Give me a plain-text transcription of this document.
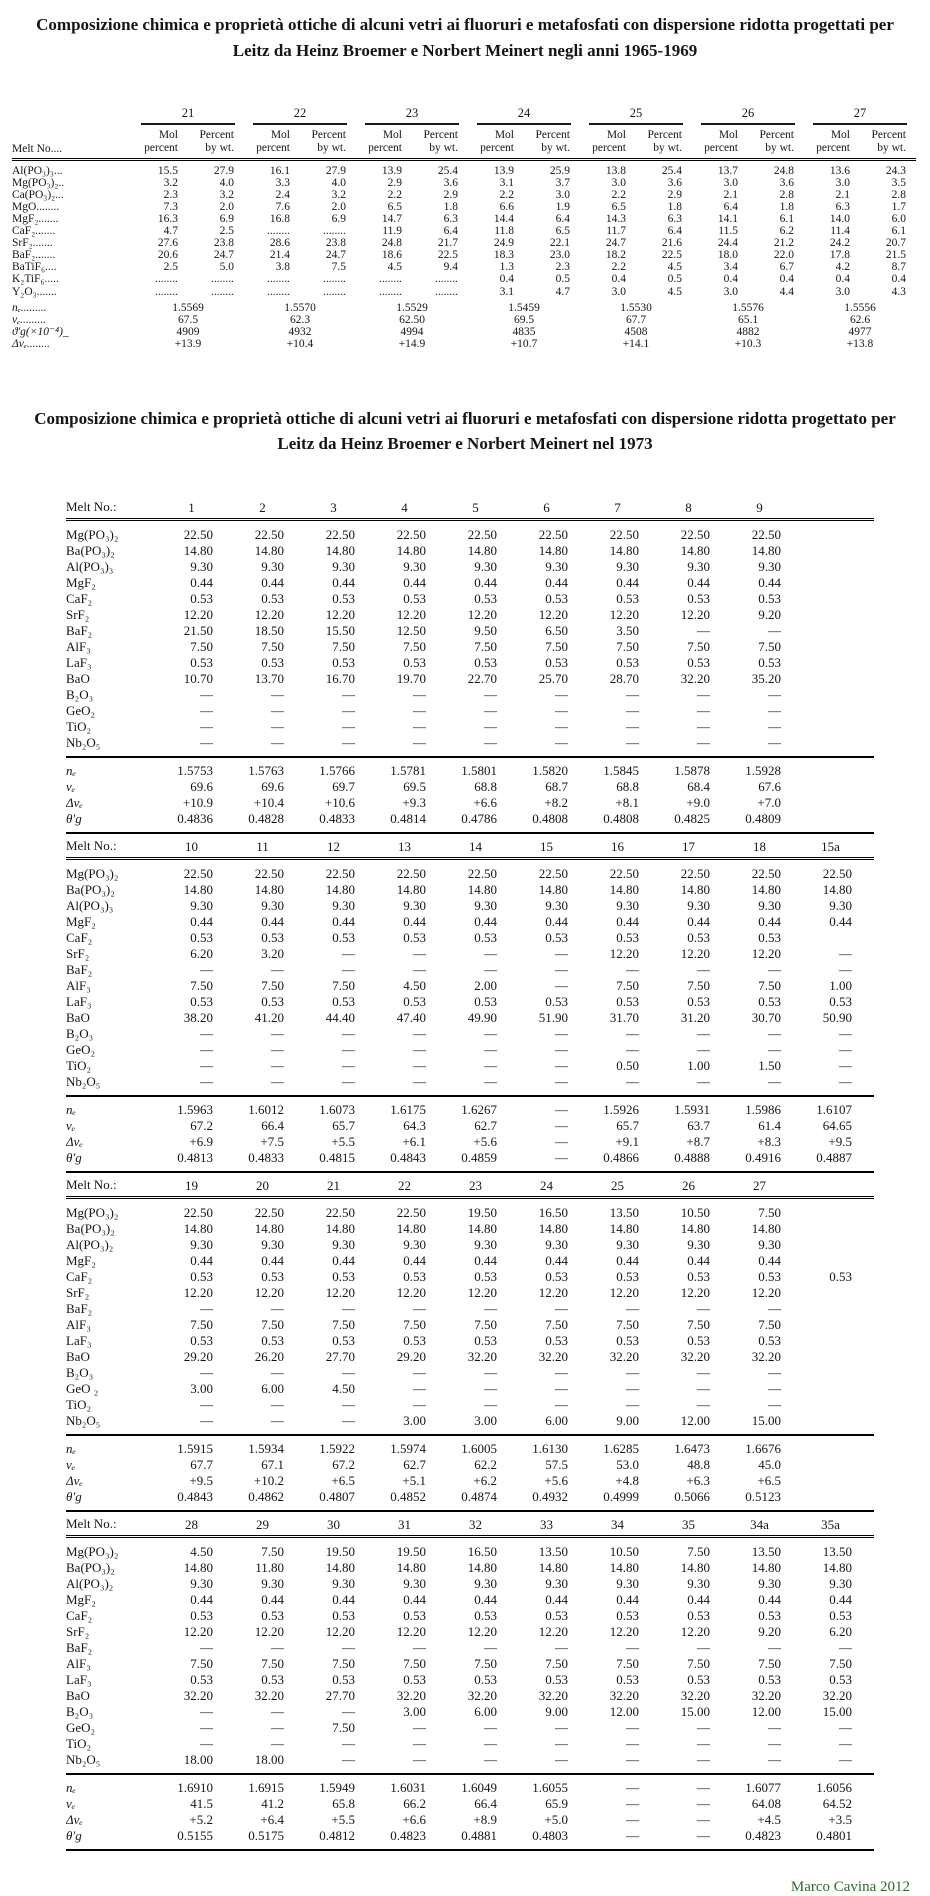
Composizione chimica e proprietà ottiche di alcuni vetri ai fluoruri e metafosfati con dispersione ridotta progettati per Leitz da Heinz Broemer e Norbert Meinert negli anni 1965-1969

	21		22		23		24		25		26		27	

Melt No....	Mol percent	Percent by wt.	Mol percent	Percent by wt.	Mol percent	Percent by wt.	Mol percent	Percent by wt.	Mol percent	Percent by wt.	Mol percent	Percent by wt.	Mol percent	Percent by wt.
Al(PO₃)₃...	15.5	27.9	16.1	27.9	13.9	25.4	13.9	25.9	13.8	25.4	13.7	24.8	13.6	24.3
Mg(PO₃)₂..	3.2	4.0	3.3	4.0	2.9	3.6	3.1	3.7	3.0	3.6	3.0	3.6	3.0	3.5
Ca(PO₃)₂...	2.3	3.2	2.4	3.2	2.2	2.9	2.2	3.0	2.2	2.9	2.1	2.8	2.1	2.8
MgO........	7.3	2.0	7.6	2.0	6.5	1.8	6.6	1.9	6.5	1.8	6.4	1.8	6.3	1.7
MgF₂.......	16.3	6.9	16.8	6.9	14.7	6.3	14.4	6.4	14.3	6.3	14.1	6.1	14.0	6.0
CaF₂.......	4.7	2.5	........	........	11.9	6.4	11.8	6.5	11.7	6.4	11.5	6.2	11.4	6.1
SrF₂.......	27.6	23.8	28.6	23.8	24.8	21.7	24.9	22.1	24.7	21.6	24.4	21.2	24.2	20.7
BaF₂.......	20.6	24.7	21.4	24.7	18.6	22.5	18.3	23.0	18.2	22.5	18.0	22.0	17.8	21.5
BaTiF₆....	2.5	5.0	3.8	7.5	4.5	9.4	1.3	2.3	2.2	4.5	3.4	6.7	4.2	8.7
K₂TiF₆.....	........	........	........	........	........	........	0.4	0.5	0.4	0.5	0.4	0.4	0.4	0.4
Y₂O₃.......	........	........	........	........	........	........	3.1	4.7	3.0	4.5	3.0	4.4	3.0	4.3
nₑ.........	1.5569		1.5570		1.5529		1.5459		1.5530		1.5576		1.5556	
vₑ.........	67.5		62.3		62.50		69.5		67.7		65.1		62.6	
ϑ′g(×10⁻⁴)_	4909		4932		4994		4835		4508		4882		4977	
Δvₑ........	+13.9		+10.4		+14.9		+10.7		+14.1		+10.3		+13.8	
Composizione chimica e proprietà ottiche di alcuni vetri ai fluoruri e metafosfati con dispersione ridotta progettato per Leitz da Heinz Broemer e Norbert Meinert nel 1973
Melt No.:	1	2	3	4	5	6	7	8	9	
Mg(PO₃)₂	22.50	22.50	22.50	22.50	22.50	22.50	22.50	22.50	22.50	
Ba(PO₃)₂	14.80	14.80	14.80	14.80	14.80	14.80	14.80	14.80	14.80	
Al(PO₃)₃	9.30	9.30	9.30	9.30	9.30	9.30	9.30	9.30	9.30	
MgF₂	0.44	0.44	0.44	0.44	0.44	0.44	0.44	0.44	0.44	
CaF₂	0.53	0.53	0.53	0.53	0.53	0.53	0.53	0.53	0.53	
SrF₂	12.20	12.20	12.20	12.20	12.20	12.20	12.20	12.20	9.20	
BaF₂	21.50	18.50	15.50	12.50	9.50	6.50	3.50	—	—	
AlF₃	7.50	7.50	7.50	7.50	7.50	7.50	7.50	7.50	7.50	
LaF₃	0.53	0.53	0.53	0.53	0.53	0.53	0.53	0.53	0.53	
BaO	10.70	13.70	16.70	19.70	22.70	25.70	28.70	32.20	35.20	
B₂O₃	—	—	—	—	—	—	—	—	—	
GeO₂	—	—	—	—	—	—	—	—	—	
TiO₂	—	—	—	—	—	—	—	—	—	
Nb₂O₅	—	—	—	—	—	—	—	—	—	
nₑ	1.5753	1.5763	1.5766	1.5781	1.5801	1.5820	1.5845	1.5878	1.5928	
νₑ	69.6	69.6	69.7	69.5	68.8	68.7	68.8	68.4	67.6	
Δνₑ	+10.9	+10.4	+10.6	+9.3	+6.6	+8.2	+8.1	+9.0	+7.0	
θ′g	0.4836	0.4828	0.4833	0.4814	0.4786	0.4808	0.4808	0.4825	0.4809	
Melt No.:	10	11	12	13	14	15	16	17	18	15a
Mg(PO₃)₂	22.50	22.50	22.50	22.50	22.50	22.50	22.50	22.50	22.50	22.50
Ba(PO₃)₂	14.80	14.80	14.80	14.80	14.80	14.80	14.80	14.80	14.80	14.80
Al(PO₃)₃	9.30	9.30	9.30	9.30	9.30	9.30	9.30	9.30	9.30	9.30
MgF₂	0.44	0.44	0.44	0.44	0.44	0.44	0.44	0.44	0.44	0.44
CaF₂	0.53	0.53	0.53	0.53	0.53	0.53	0.53	0.53	0.53	
SrF₂	6.20	3.20	—	—	—	—	12.20	12.20	12.20	—
BaF₂	—	—	—	—	—	—	—	—	—	—
AlF₃	7.50	7.50	7.50	4.50	2.00	—	7.50	7.50	7.50	1.00
LaF₃	0.53	0.53	0.53	0.53	0.53	0.53	0.53	0.53	0.53	0.53
BaO	38.20	41.20	44.40	47.40	49.90	51.90	31.70	31.20	30.70	50.90
B₂O₃	—	—	—	—	—	—	—	—	—	—
GeO₂	—	—	—	—	—	—	—	—	—	—
TiO₂	—	—	—	—	—	—	0.50	1.00	1.50	—
Nb₂O₅	—	—	—	—	—	—	—	—	—	—
nₑ	1.5963	1.6012	1.6073	1.6175	1.6267	—	1.5926	1.5931	1.5986	1.6107
νₑ	67.2	66.4	65.7	64.3	62.7	—	65.7	63.7	61.4	64.65
Δνₑ	+6.9	+7.5	+5.5	+6.1	+5.6	—	+9.1	+8.7	+8.3	+9.5
θ′g	0.4813	0.4833	0.4815	0.4843	0.4859	—	0.4866	0.4888	0.4916	0.4887
Melt No.:	19	20	21	22	23	24	25	26	27	
Mg(PO₃)₂	22.50	22.50	22.50	22.50	19.50	16.50	13.50	10.50	7.50	
Ba(PO₃)₂	14.80	14.80	14.80	14.80	14.80	14.80	14.80	14.80	14.80	
Al(PO₃)₂	9.30	9.30	9.30	9.30	9.30	9.30	9.30	9.30	9.30	
MgF₂	0.44	0.44	0.44	0.44	0.44	0.44	0.44	0.44	0.44	
CaF₂	0.53	0.53	0.53	0.53	0.53	0.53	0.53	0.53	0.53	0.53
SrF₂	12.20	12.20	12.20	12.20	12.20	12.20	12.20	12.20	12.20	
BaF₂	—	—	—	—	—	—	—	—	—	
AlF₃	7.50	7.50	7.50	7.50	7.50	7.50	7.50	7.50	7.50	
LaF₃	0.53	0.53	0.53	0.53	0.53	0.53	0.53	0.53	0.53	
BaO	29.20	26.20	27.70	29.20	32.20	32.20	32.20	32.20	32.20	
B₂O₃	—	—	—	—	—	—	—	—	—	
GeO ₂	3.00	6.00	4.50	—	—	—	—	—	—	
TiO₂	—	—	—	—	—	—	—	—	—	
Nb₂O₅	—	—	—	3.00	3.00	6.00	9.00	12.00	15.00	
nₑ	1.5915	1.5934	1.5922	1.5974	1.6005	1.6130	1.6285	1.6473	1.6676	
νₑ	67.7	67.1	67.2	62.7	62.2	57.5	53.0	48.8	45.0	
Δνₑ	+9.5	+10.2	+6.5	+5.1	+6.2	+5.6	+4.8	+6.3	+6.5	
θ′g	0.4843	0.4862	0.4807	0.4852	0.4874	0.4932	0.4999	0.5066	0.5123	
Melt No.:	28	29	30	31	32	33	34	35	34a	35a
Mg(PO₃)₂	4.50	7.50	19.50	19.50	16.50	13.50	10.50	7.50	13.50	13.50
Ba(PO₃)₂	14.80	11.80	14.80	14.80	14.80	14.80	14.80	14.80	14.80	14.80
Al(PO₃)₂	9.30	9.30	9.30	9.30	9.30	9.30	9.30	9.30	9.30	9.30
MgF₂	0.44	0.44	0.44	0.44	0.44	0.44	0.44	0.44	0.44	0.44
CaF₂	0.53	0.53	0.53	0.53	0.53	0.53	0.53	0.53	0.53	0.53
SrF₂	12.20	12.20	12.20	12.20	12.20	12.20	12.20	12.20	9.20	6.20
BaF₂	—	—	—	—	—	—	—	—	—	—
AlF₃	7.50	7.50	7.50	7.50	7.50	7.50	7.50	7.50	7.50	7.50
LaF₃	0.53	0.53	0.53	0.53	0.53	0.53	0.53	0.53	0.53	0.53
BaO	32.20	32.20	27.70	32.20	32.20	32.20	32.20	32.20	32.20	32.20
B₂O₃	—	—	—	3.00	6.00	9.00	12.00	15.00	12.00	15.00
GeO₂	—	—	7.50	—	—	—	—	—	—	—
TiO₂	—	—	—	—	—	—	—	—	—	—
Nb₂O₅	18.00	18.00	—	—	—	—	—	—	—	—
nₑ	1.6910	1.6915	1.5949	1.6031	1.6049	1.6055	—	—	1.6077	1.6056
νₑ	41.5	41.2	65.8	66.2	66.4	65.9	—	—	64.08	64.52
Δνₑ	+5.2	+6.4	+5.5	+6.6	+8.9	+5.0	—	—	+4.5	+3.5
θ′g	0.5155	0.5175	0.4812	0.4823	0.4881	0.4803	—	—	0.4823	0.4801
Marco Cavina 2012
